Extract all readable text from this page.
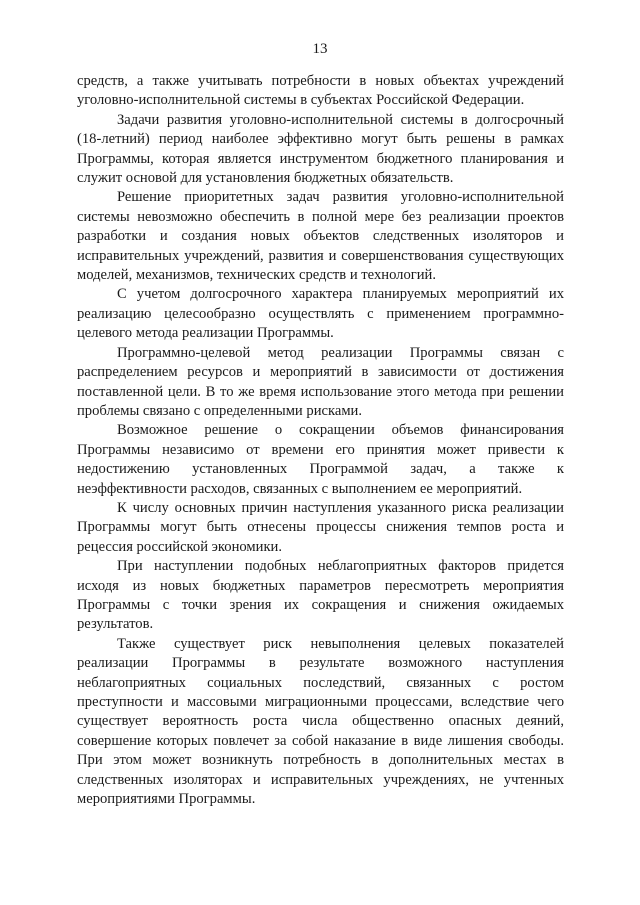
13

средств, а также учитывать потребности в новых объектах учреждений уголовно-исполнительной системы в субъектах Российской Федерации.

Задачи развития уголовно-исполнительной системы в долгосрочный (18-летний) период наиболее эффективно могут быть решены в рамках Программы, которая является инструментом бюджетного планирования и служит основой для установления бюджетных обязательств.

Решение приоритетных задач развития уголовно-исполнительной системы невозможно обеспечить в полной мере без реализации проектов разработки и создания новых объектов следственных изоляторов и исправительных учреждений, развития и совершенствования существующих моделей, механизмов, технических средств и технологий.

С учетом долгосрочного характера планируемых мероприятий их реализацию целесообразно осуществлять с применением программно-целевого метода реализации Программы.

Программно-целевой метод реализации Программы связан с распределением ресурсов и мероприятий в зависимости от достижения поставленной цели. В то же время использование этого метода при решении проблемы связано с определенными рисками.

Возможное решение о сокращении объемов финансирования Программы независимо от времени его принятия может привести к недостижению установленных Программой задач, а также к неэффективности расходов, связанных с выполнением ее мероприятий.

К числу основных причин наступления указанного риска реализации Программы могут быть отнесены процессы снижения темпов роста и рецессия российской экономики.

При наступлении подобных неблагоприятных факторов придется исходя из новых бюджетных параметров пересмотреть мероприятия Программы с точки зрения их сокращения и снижения ожидаемых результатов.

Также существует риск невыполнения целевых показателей реализации Программы в результате возможного наступления неблагоприятных социальных последствий, связанных с ростом преступности и массовыми миграционными процессами, вследствие чего существует вероятность роста числа общественно опасных деяний, совершение которых повлечет за собой наказание в виде лишения свободы. При этом может возникнуть потребность в дополнительных местах в следственных изоляторах и исправительных учреждениях, не учтенных мероприятиями Программы.
